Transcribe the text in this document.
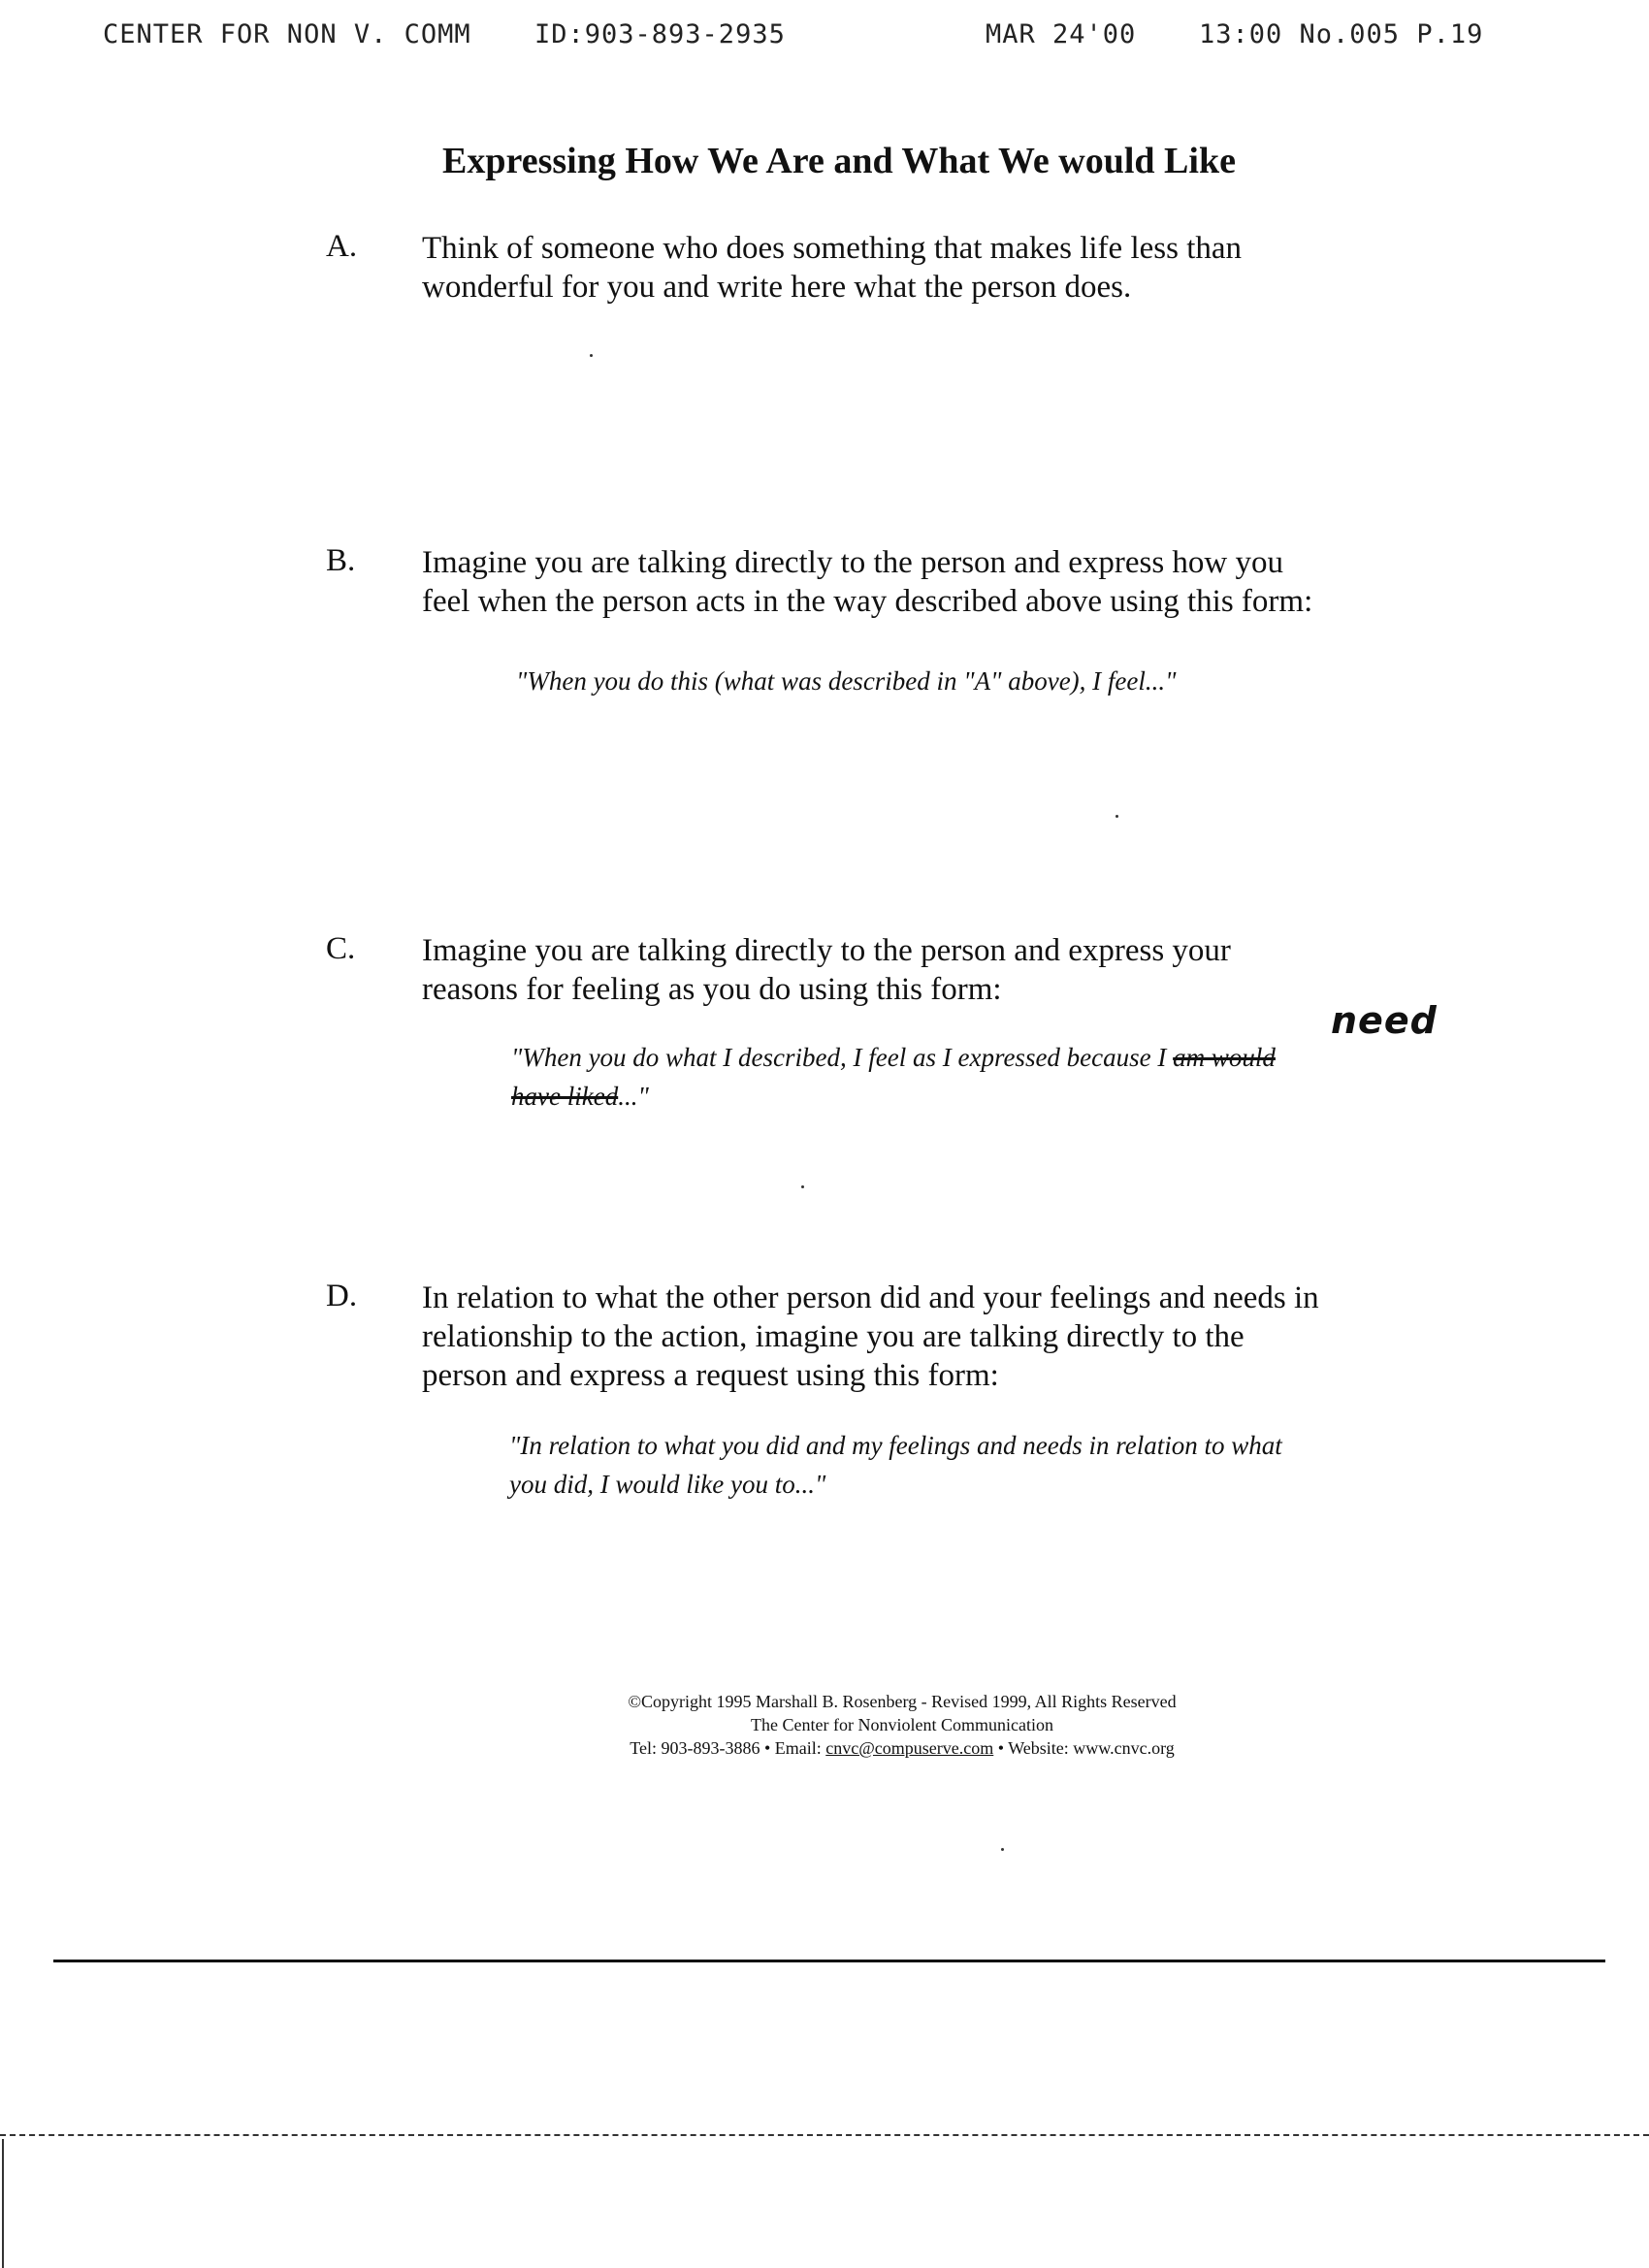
CENTER FOR NON V. COMM ID:903-893-2935	MAR 24'00 13:00 No.005 P.19
Expressing How We Are and What We would Like
A. Think of someone who does something that makes life less than
wonderful for you and write here what the person does.
B. Imagine you are talking directly to the person and express how you
feel when the person acts in the way described above using this form:
"When you do this (what was described in "A" above), I feel..."
C. Imagine you are talking directly to the person and express your
reasons for feeling as you do using this form:
"When you do what I described, I feel as I expressed because I am would
have liked..."
need
D. In relation to what the other person did and your feelings and needs in
relationship to the action, imagine you are talking directly to the
person and express a request using this form:
"In relation to what you did and my feelings and needs in relation to what
you did, I would like you to..."
©Copyright 1995 Marshall B. Rosenberg - Revised 1999, All Rights Reserved
The Center for Nonviolent Communication
Tel: 903-893-3886 • Email: cnvc@compuserve.com • Website: www.cnvc.org
